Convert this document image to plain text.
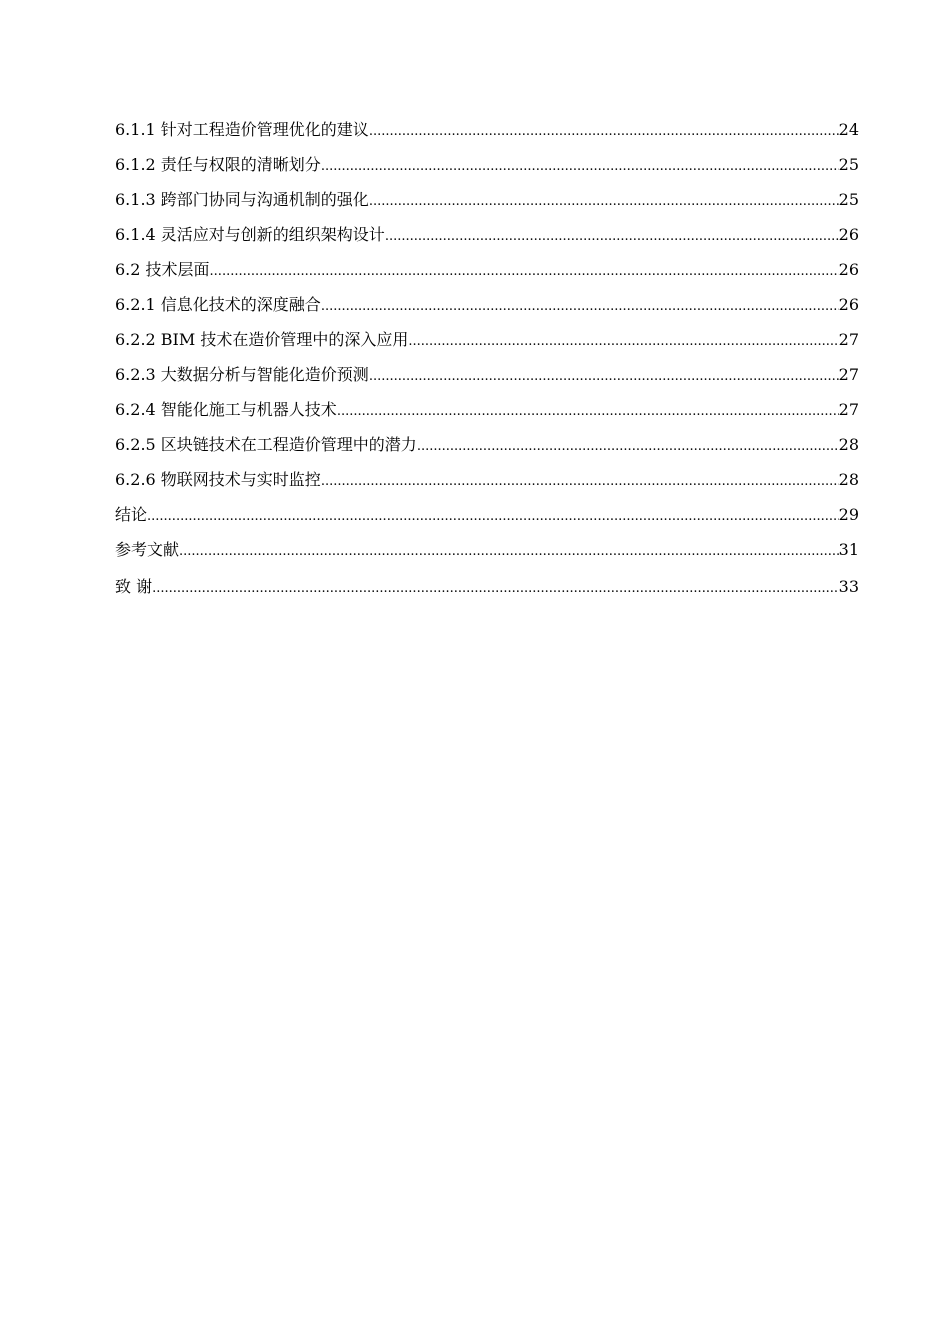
6.1.1 针对工程造价管理优化的建议 .....	24
6.1.2 责任与权限的清晰划分 .....	25
6.1.3 跨部门协同与沟通机制的强化 .....	25
6.1.4 灵活应对与创新的组织架构设计 .....	26
6.2 技术层面 .....	26
6.2.1 信息化技术的深度融合 .....	26
6.2.2 BIM 技术在造价管理中的深入应用 .....	27
6.2.3 大数据分析与智能化造价预测 .....	27
6.2.4 智能化施工与机器人技术 .....	27
6.2.5 区块链技术在工程造价管理中的潜力 .....	28
6.2.6 物联网技术与实时监控 .....	28
结论 .....	29
参考文献 .....	31
致 谢 .....	33
